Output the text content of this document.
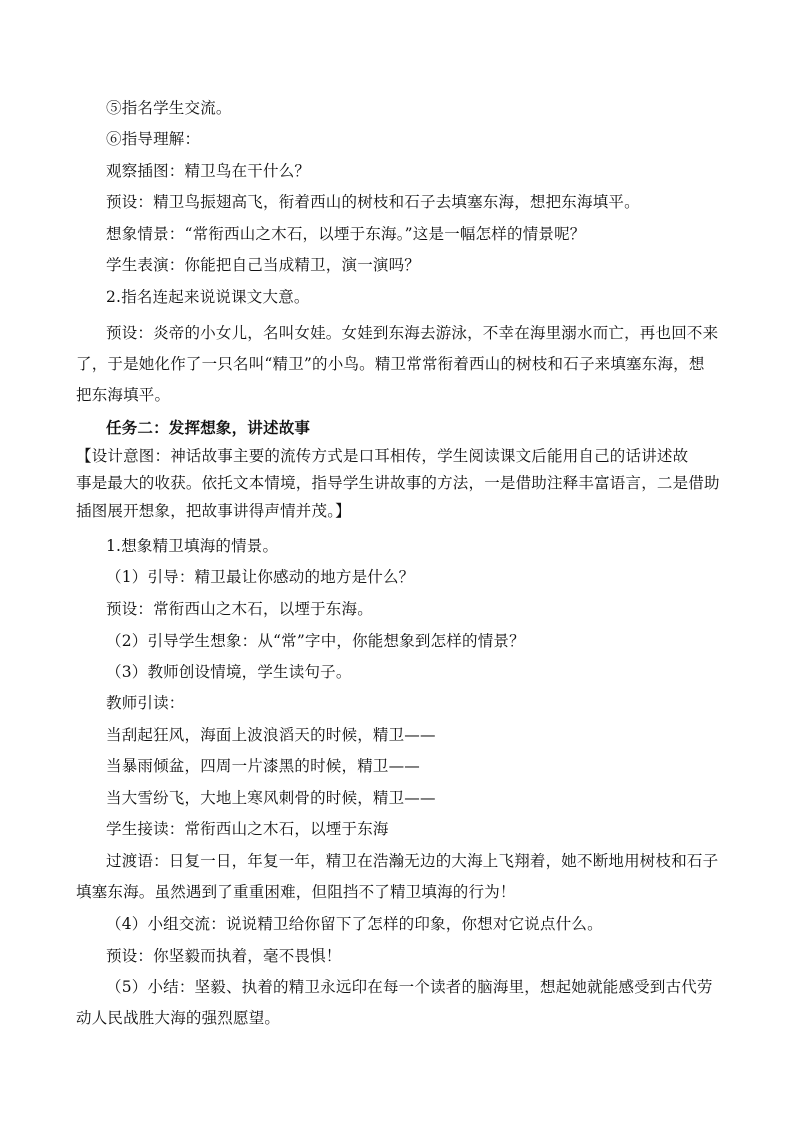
⑤指名学生交流。
⑥指导理解：
观察插图：精卫鸟在干什么？
预设：精卫鸟振翅高飞，衔着西山的树枝和石子去填塞东海，想把东海填平。
想象情景：“常衔西山之木石，以堙于东海。”这是一幅怎样的情景呢？
学生表演：你能把自己当成精卫，演一演吗？
2.指名连起来说说课文大意。
预设：炎帝的小女儿，名叫女娃。女娃到东海去游泳，不幸在海里溺水而亡，再也回不来
了，于是她化作了一只名叫“精卫”的小鸟。精卫常常衔着西山的树枝和石子来填塞东海，想
把东海填平。
任务二：发挥想象，讲述故事
【设计意图：神话故事主要的流传方式是口耳相传，学生阅读课文后能用自己的话讲述故
事是最大的收获。依托文本情境，指导学生讲故事的方法，一是借助注释丰富语言，二是借助
插图展开想象，把故事讲得声情并茂。】
1.想象精卫填海的情景。
（1）引导：精卫最让你感动的地方是什么？
预设：常衔西山之木石，以堙于东海。
（2）引导学生想象：从“常”字中，你能想象到怎样的情景？
（3）教师创设情境，学生读句子。
教师引读：
当刮起狂风，海面上波浪滔天的时候，精卫——
当暴雨倾盆，四周一片漆黑的时候，精卫——
当大雪纷飞，大地上寒风刺骨的时候，精卫——
学生接读：常衔西山之木石，以堙于东海
过渡语：日复一日，年复一年，精卫在浩瀚无边的大海上飞翔着，她不断地用树枝和石子
填塞东海。虽然遇到了重重困难，但阻挡不了精卫填海的行为！
（4）小组交流：说说精卫给你留下了怎样的印象，你想对它说点什么。
预设：你坚毅而执着，毫不畏惧！
（5）小结：坚毅、执着的精卫永远印在每一个读者的脑海里，想起她就能感受到古代劳
动人民战胜大海的强烈愿望。
